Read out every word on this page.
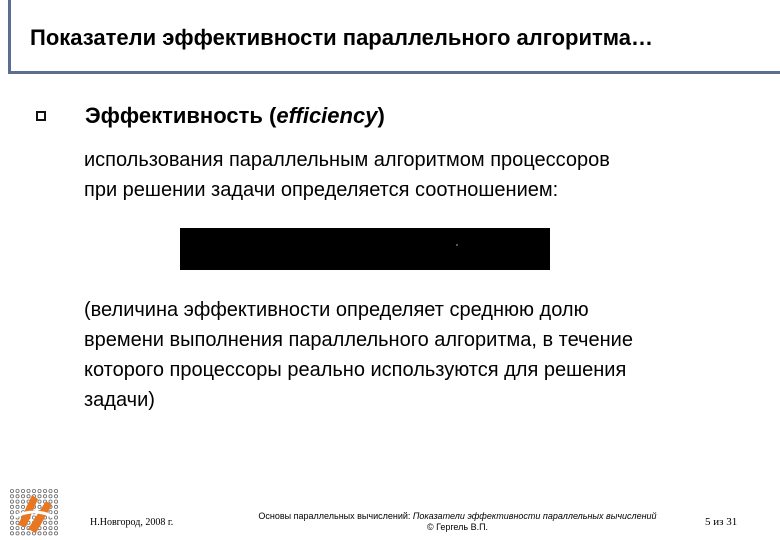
Показатели эффективности параллельного алгоритма…
Эффективность (efficiency)
использования параллельным алгоритмом процессоров
при решении задачи определяется соотношением:
(величина эффективности определяет среднюю долю
времени выполнения параллельного алгоритма, в течение
которого процессоры реально используются для решения
задачи)
Н.Новгород, 2008 г.
Основы параллельных вычислений: Показатели эффективности параллельных вычислений
© Гергель В.П.	5 из 31
